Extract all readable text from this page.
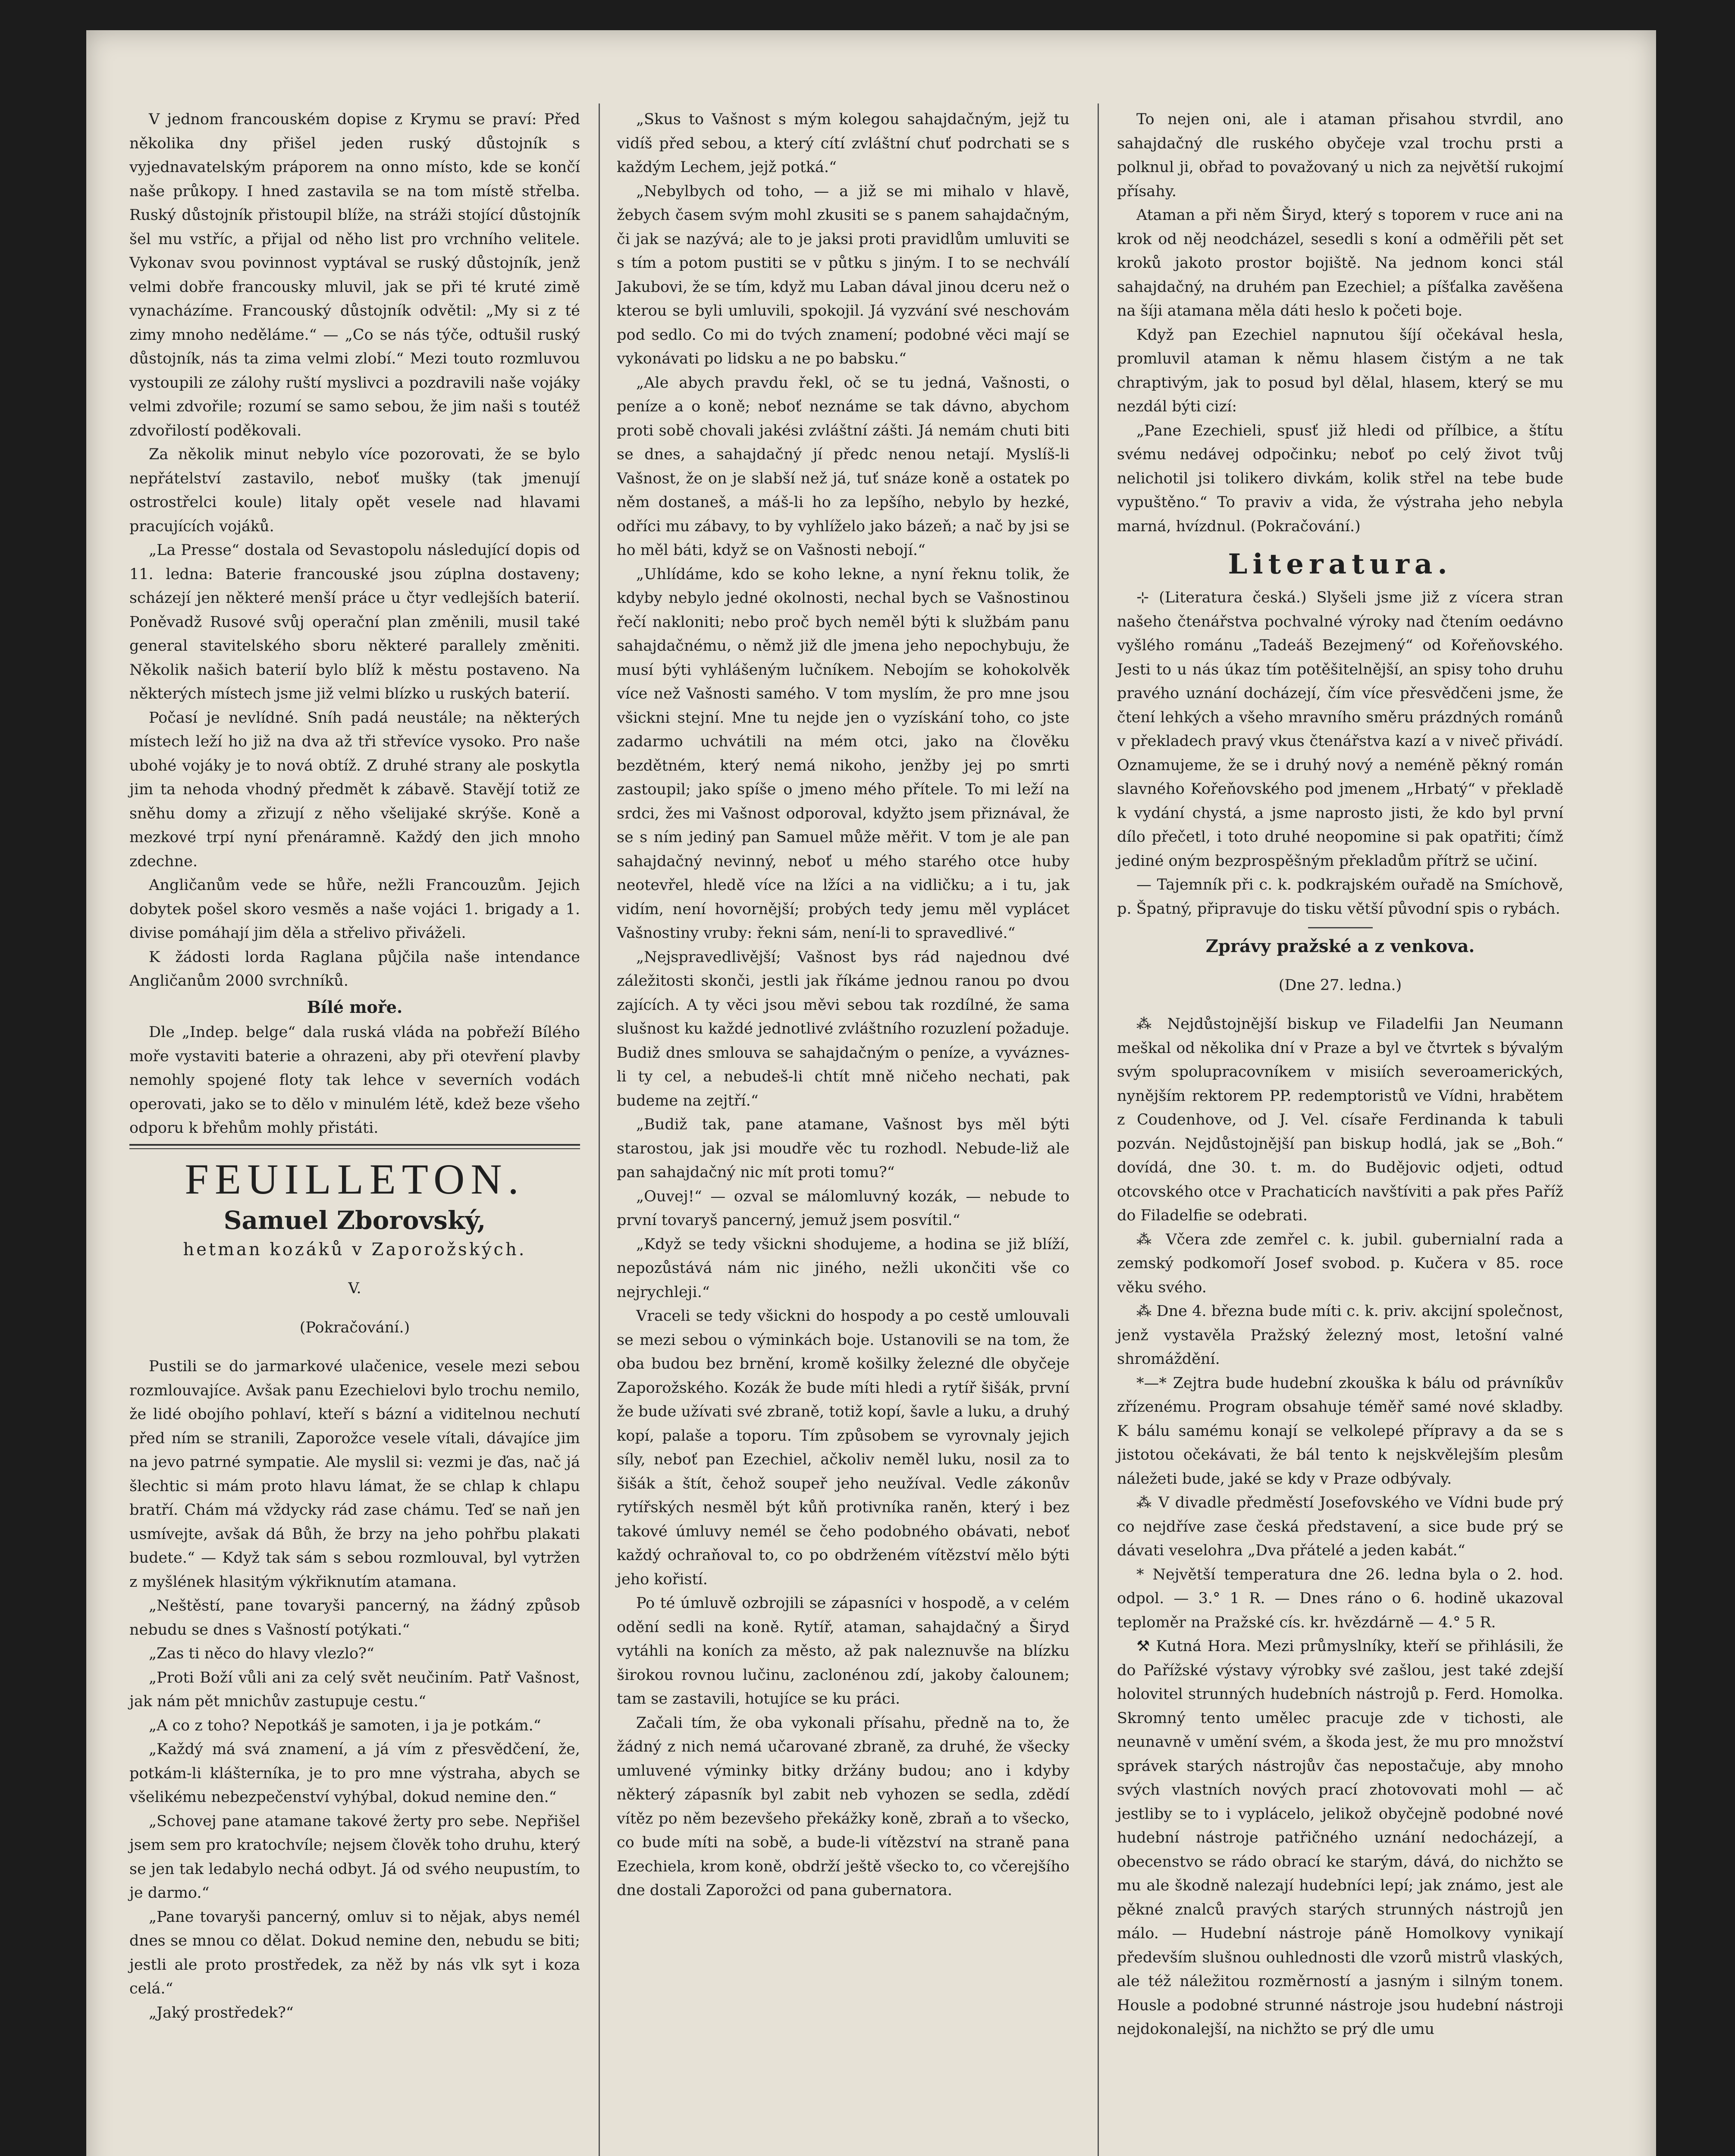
V jednom francouském dopise z Krymu se praví: Před několika dny přišel jeden ruský důstojník s vyjednavatelským práporem na onno místo, kde se končí naše průkopy. I hned zastavila se na tom místě střelba. Ruský důstojník přistoupil blíže, na stráži stojící důstojník šel mu vstříc, a přijal od něho list pro vrchního velitele. Vykonav svou povinnost vyptával se ruský důstojník, jenž velmi dobře francousky mluvil, jak se při té kruté zimě vynacházíme. Francouský důstojník odvětil: „My si z té zimy mnoho neděláme.“ — „Co se nás týče, odtušil ruský důstojník, nás ta zima velmi zlobí.“ Mezi touto rozmluvou vystoupili ze zálohy ruští myslivci a pozdravili naše vojáky velmi zdvořile; rozumí se samo sebou, že jim naši s toutéž zdvořilostí poděkovali.

Za několik minut nebylo více pozorovati, že se bylo nepřátelství zastavilo, neboť mušky (tak jmenují ostrostřelci koule) litaly opět vesele nad hlavami pracujících vojáků.

„La Presse“ dostala od Sevastopolu následující dopis od 11. ledna: Baterie francouské jsou zúplna dostaveny; scházejí jen některé menší práce u čtyr vedlejších baterií. Poněvadž Rusové svůj operační plan změnili, musil také general stavitelského sboru některé parallely změniti. Několik našich baterií bylo blíž k městu postaveno. Na některých místech jsme již velmi blízko u ruských baterií.

Počasí je nevlídné. Sníh padá neustále; na některých místech leží ho již na dva až tři střevíce vysoko. Pro naše ubohé vojáky je to nová obtíž. Z druhé strany ale poskytla jim ta nehoda vhodný předmět k zábavě. Stavějí totiž ze sněhu domy a zřizují z něho všelijaké skrýše. Koně a mezkové trpí nyní přenáramně. Každý den jich mnoho zdechne.

Angličanům vede se hůře, nežli Francouzům. Jejich dobytek pošel skoro vesměs a naše vojáci 1. brigady a 1. divise pomáhají jim děla a střelivo přiváželi.

K žádosti lorda Raglana půjčila naše intendance Angličanům 2000 svrchníků.

Bílé moře.

Dle „Indep. belge“ dala ruská vláda na pobřeží Bílého moře vystaviti baterie a ohrazeni, aby při otevření plavby nemohly spojené floty tak lehce v severních vodách operovati, jako se to dělo v minulém létě, kdež beze všeho odporu k břehům mohly přistáti.

FEUILLETON.
Samuel Zborovský,
hetman kozáků v Zaporožských.

V.

(Pokračování.)

Pustili se do jarmarkové ulačenice, vesele mezi sebou rozmlouvajíce. Avšak panu Ezechielovi bylo trochu nemilo, že lidé obojího pohlaví, kteří s bázní a viditelnou nechutí před ním se stranili, Zaporožce vesele vítali, dávajíce jim na jevo patrné sympatie. Ale myslil si: vezmi je ďas, nač já šlechtic si mám proto hlavu lámat, že se chlap k chlapu bratří. Chám má vždycky rád zase chámu. Teď se naň jen usmívejte, avšak dá Bůh, že brzy na jeho pohřbu plakati budete.“ — Když tak sám s sebou rozmlouval, byl vytržen z myšlének hlasitým výkřiknutím atamana.

„Neštěstí, pane tovaryši pancerný, na žádný způsob nebudu se dnes s Vašností potýkati.“

„Zas ti něco do hlavy vlezlo?“

„Proti Boží vůli ani za celý svět neučiním. Patř Vašnost, jak nám pět mnichův zastupuje cestu.“

„A co z toho? Nepotkáš je samoten, i ja je potkám.“

„Každý má svá znamení, a já vím z přesvědčení, že, potkám-li klášterníka, je to pro mne výstraha, abych se všelikému nebezpečenství vyhýbal, dokud nemine den.“

„Schovej pane atamane takové žerty pro sebe. Nepřišel jsem sem pro kratochvíle; nejsem člověk toho druhu, který se jen tak ledabylo nechá odbyt. Já od svého neupustím, to je darmo.“

„Pane tovaryši pancerný, omluv si to nějak, abys nemél dnes se mnou co dělat. Dokud nemine den, nebudu se biti; jestli ale proto prostředek, za něž by nás vlk syt i koza celá.“

„Jaký prostředek?“

„Skus to Vašnost s mým kolegou sahajdačným, jejž tu vidíš před sebou, a který cítí zvláštní chuť podrchati se s každým Lechem, jejž potká.“

„Nebylbych od toho, — a již se mi mihalo v hlavě, žebych časem svým mohl zkusiti se s panem sahajdačným, či jak se nazývá; ale to je jaksi proti pravidlům umluviti se s tím a potom pustiti se v půtku s jiným. I to se nechválí Jakubovi, že se tím, když mu Laban dával jinou dceru než o kterou se byli umluvili, spokojil. Já vyzvání své neschovám pod sedlo. Co mi do tvých znamení; podobné věci mají se vykonávati po lidsku a ne po babsku.“

„Ale abych pravdu řekl, oč se tu jedná, Vašnosti, o peníze a o koně; neboť neznáme se tak dávno, abychom proti sobě chovali jakési zvláštní zášti. Já nemám chuti biti se dnes, a sahajdačný jí předc nenou netají. Myslíš-li Vašnost, že on je slabší než já, tuť snáze koně a ostatek po něm dostaneš, a máš-li ho za lepšího, nebylo by hezké, odříci mu zábavy, to by vyhlíželo jako bázeň; a nač by jsi se ho měl báti, když se on Vašnosti nebojí.“

„Uhlídáme, kdo se koho lekne, a nyní řeknu tolik, že kdyby nebylo jedné okolnosti, nechal bych se Vašnostinou řečí nakloniti; nebo proč bych neměl býti k službám panu sahajdačnému, o němž již dle jmena jeho nepochybuju, že musí býti vyhlášeným lučníkem. Nebojím se kohokolvěk více než Vašnosti samého. V tom myslím, že pro mne jsou všickni stejní. Mne tu nejde jen o vyzískání toho, co jste zadarmo uchvátili na mém otci, jako na člověku bezdětném, který nemá nikoho, jenžby jej po smrti zastoupil; jako spíše o jmeno mého přítele. To mi leží na srdci, žes mi Vašnost odporoval, kdyžto jsem přiznával, že se s ním jediný pan Samuel může měřit. V tom je ale pan sahajdačný nevinný, neboť u mého starého otce huby neotevřel, hledě více na lžíci a na vidličku; a i tu, jak vidím, není hovornější; probých tedy jemu měl vyplácet Vašnostiny vruby: řekni sám, není-li to spravedlivé.“

„Nejspravedlivější; Vašnost bys rád najednou dvé záležitosti skonči, jestli jak říkáme jednou ranou po dvou zajících. A ty věci jsou měvi sebou tak rozdílné, že sama slušnost ku každé jednotlivé zvláštního rozuzlení požaduje. Budiž dnes smlouva se sahajdačným o peníze, a vyváznes-li ty cel, a nebudeš-li chtít mně ničeho nechati, pak budeme na zejtří.“

„Budiž tak, pane atamane, Vašnost bys měl býti starostou, jak jsi moudře věc tu rozhodl. Nebude-liž ale pan sahajdačný nic mít proti tomu?“

„Ouvej!“ — ozval se málomluvný kozák, — nebude to první tovaryš pancerný, jemuž jsem posvítil.“

„Když se tedy všickni shodujeme, a hodina se již blíží, nepozůstává nám nic jiného, nežli ukončiti vše co nejrychleji.“

Vraceli se tedy všickni do hospody a po cestě umlouvali se mezi sebou o výminkách boje. Ustanovili se na tom, že oba budou bez brnění, kromě košilky železné dle obyčeje Zaporožského. Kozák že bude míti hledi a rytíř šišák, první že bude užívati své zbraně, totiž kopí, šavle a luku, a druhý kopí, palaše a toporu. Tím způsobem se vyrovnaly jejich síly, neboť pan Ezechiel, ačkoliv neměl luku, nosil za to šišák a štít, čehož soupeř jeho neužíval. Vedle zákonův rytířských nesměl být kůň protivníka raněn, který i bez takové úmluvy nemél se čeho podobného obávati, neboť každý ochraňoval to, co po obdrženém vítězství mělo býti jeho kořistí.

Po té úmluvě ozbrojili se zápasníci v hospodě, a v celém odění sedli na koně. Rytíř, ataman, sahajdačný a Širyd vytáhli na koních za město, až pak naleznuvše na blízku širokou rovnou lučinu, zaclonénou zdí, jakoby čalounem; tam se zastavili, hotujíce se ku práci.

Začali tím, že oba vykonali přísahu, předně na to, že žádný z nich nemá učarované zbraně, za druhé, že všecky umluvené výminky bitky držány budou; ano i kdyby některý zápasník byl zabit neb vyhozen se sedla, zdědí vítěz po něm bezevšeho překážky koně, zbraň a to všecko, co bude míti na sobě, a bude-li vítězství na straně pana Ezechiela, krom koně, obdrží ještě všecko to, co včerejšího dne dostali Zaporožci od pana gubernatora.

To nejen oni, ale i ataman přisahou stvrdil, ano sahajdačný dle ruského obyčeje vzal trochu prsti a polknul ji, obřad to považovaný u nich za největší rukojmí přísahy.

Ataman a při něm Širyd, který s toporem v ruce ani na krok od něj neodcházel, sesedli s koní a odměřili pět set kroků jakoto prostor bojiště. Na jednom konci stál sahajdačný, na druhém pan Ezechiel; a píšťalka zavěšena na šíji atamana měla dáti heslo k početi boje.

Když pan Ezechiel napnutou šíjí očekával hesla, promluvil ataman k němu hlasem čistým a ne tak chraptivým, jak to posud byl dělal, hlasem, který se mu nezdál býti cizí:

„Pane Ezechieli, spusť již hledi od přílbice, a štítu svému nedávej odpočinku; neboť po celý život tvůj nelichotil jsi tolikero divkám, kolik střel na tebe bude vypuštěno.“ To praviv a vida, že výstraha jeho nebyla marná, hvízdnul. (Pokračování.)

Literatura.

⊹ (Literatura česká.) Slyšeli jsme již z vícera stran našeho čtenářstva pochvalné výroky nad čtením oedávno vyšlého románu „Tadeáš Bezejmený“ od Kořeňovského. Jesti to u nás úkaz tím potěšitelnější, an spisy toho druhu pravého uznání docházejí, čím více přesvědčeni jsme, že čtení lehkých a všeho mravního směru prázdných románů v překladech pravý vkus čtenářstva kazí a v niveč přivádí. Oznamujeme, že se i druhý nový a neméně pěkný román slavného Kořeňovského pod jmenem „Hrbatý“ v překladě k vydání chystá, a jsme naprosto jisti, že kdo byl první dílo přečetl, i toto druhé neopomine si pak opatřiti; čímž jediné oným bezprospěšným překladům přítrž se učiní.

— Tajemník při c. k. podkrajském ouřadě na Smíchově, p. Špatný, připravuje do tisku větší původní spis o rybách.

Zprávy pražské a z venkova.

(Dne 27. ledna.)

⁂ Nejdůstojnější biskup ve Filadelfii Jan Neumann meškal od několika dní v Praze a byl ve čtvrtek s bývalým svým spolupracovníkem v misiích severoamerických, nynějším rektorem PP. redemptoristů ve Vídni, hrabětem z Coudenhove, od J. Vel. císaře Ferdinanda k tabuli pozván. Nejdůstojnější pan biskup hodlá, jak se „Boh.“ dovídá, dne 30. t. m. do Budějovic odjeti, odtud otcovského otce v Prachaticích navštíviti a pak přes Paříž do Filadelfie se odebrati.

⁂ Včera zde zemřel c. k. jubil. gubernialní rada a zemský podkomoří Josef svobod. p. Kučera v 85. roce věku svého.

⁂ Dne 4. března bude míti c. k. priv. akcijní společnost, jenž vystavěla Pražský železný most, letošní valné shromáždění.

*—* Zejtra bude hudební zkouška k bálu od právníkův zřízenému. Program obsahuje téměř samé nové skladby. K bálu samému konají se velkolepé přípravy a da se s jistotou očekávati, že bál tento k nejskvělejším plesům náležeti bude, jaké se kdy v Praze odbývaly.

⁂ V divadle předměstí Josefovského ve Vídni bude prý co nejdříve zase česká představení, a sice bude prý se dávati veselohra „Dva přátelé a jeden kabát.“

* Největší temperatura dne 26. ledna byla o 2. hod. odpol. — 3.° 1 R. — Dnes ráno o 6. hodině ukazoval teploměr na Pražské cís. kr. hvězdárně — 4.° 5 R.

⚒ Kutná Hora. Mezi průmyslníky, kteří se přihlásili, že do Pařížské výstavy výrobky své zašlou, jest také zdejší holovitel strunných hudebních nástrojů p. Ferd. Homolka. Skromný tento umělec pracuje zde v tichosti, ale neunavně v umění svém, a škoda jest, že mu pro množství správek starých nástrojův čas nepostačuje, aby mnoho svých vlastních nových prací zhotovovati mohl — ač jestliby se to i vyplácelo, jelikož obyčejně podobné nové hudební nástroje patřičného uznání nedocházejí, a obecenstvo se rádo obrací ke starým, dává, do nichžto se mu ale škodně nalezají hudebníci lepí; jak známo, jest ale pěkné znalců pravých starých strunných nástrojů jen málo. — Hudební nástroje páně Homolkovy vynikají především slušnou ouhlednosti dle vzorů mistrů vlaských, ale též náležitou rozměrností a jasným i silným tonem. Housle a podobné strunné nástroje jsou hudební nástroji nejdokonalejší, na nichžto se prý dle umu
